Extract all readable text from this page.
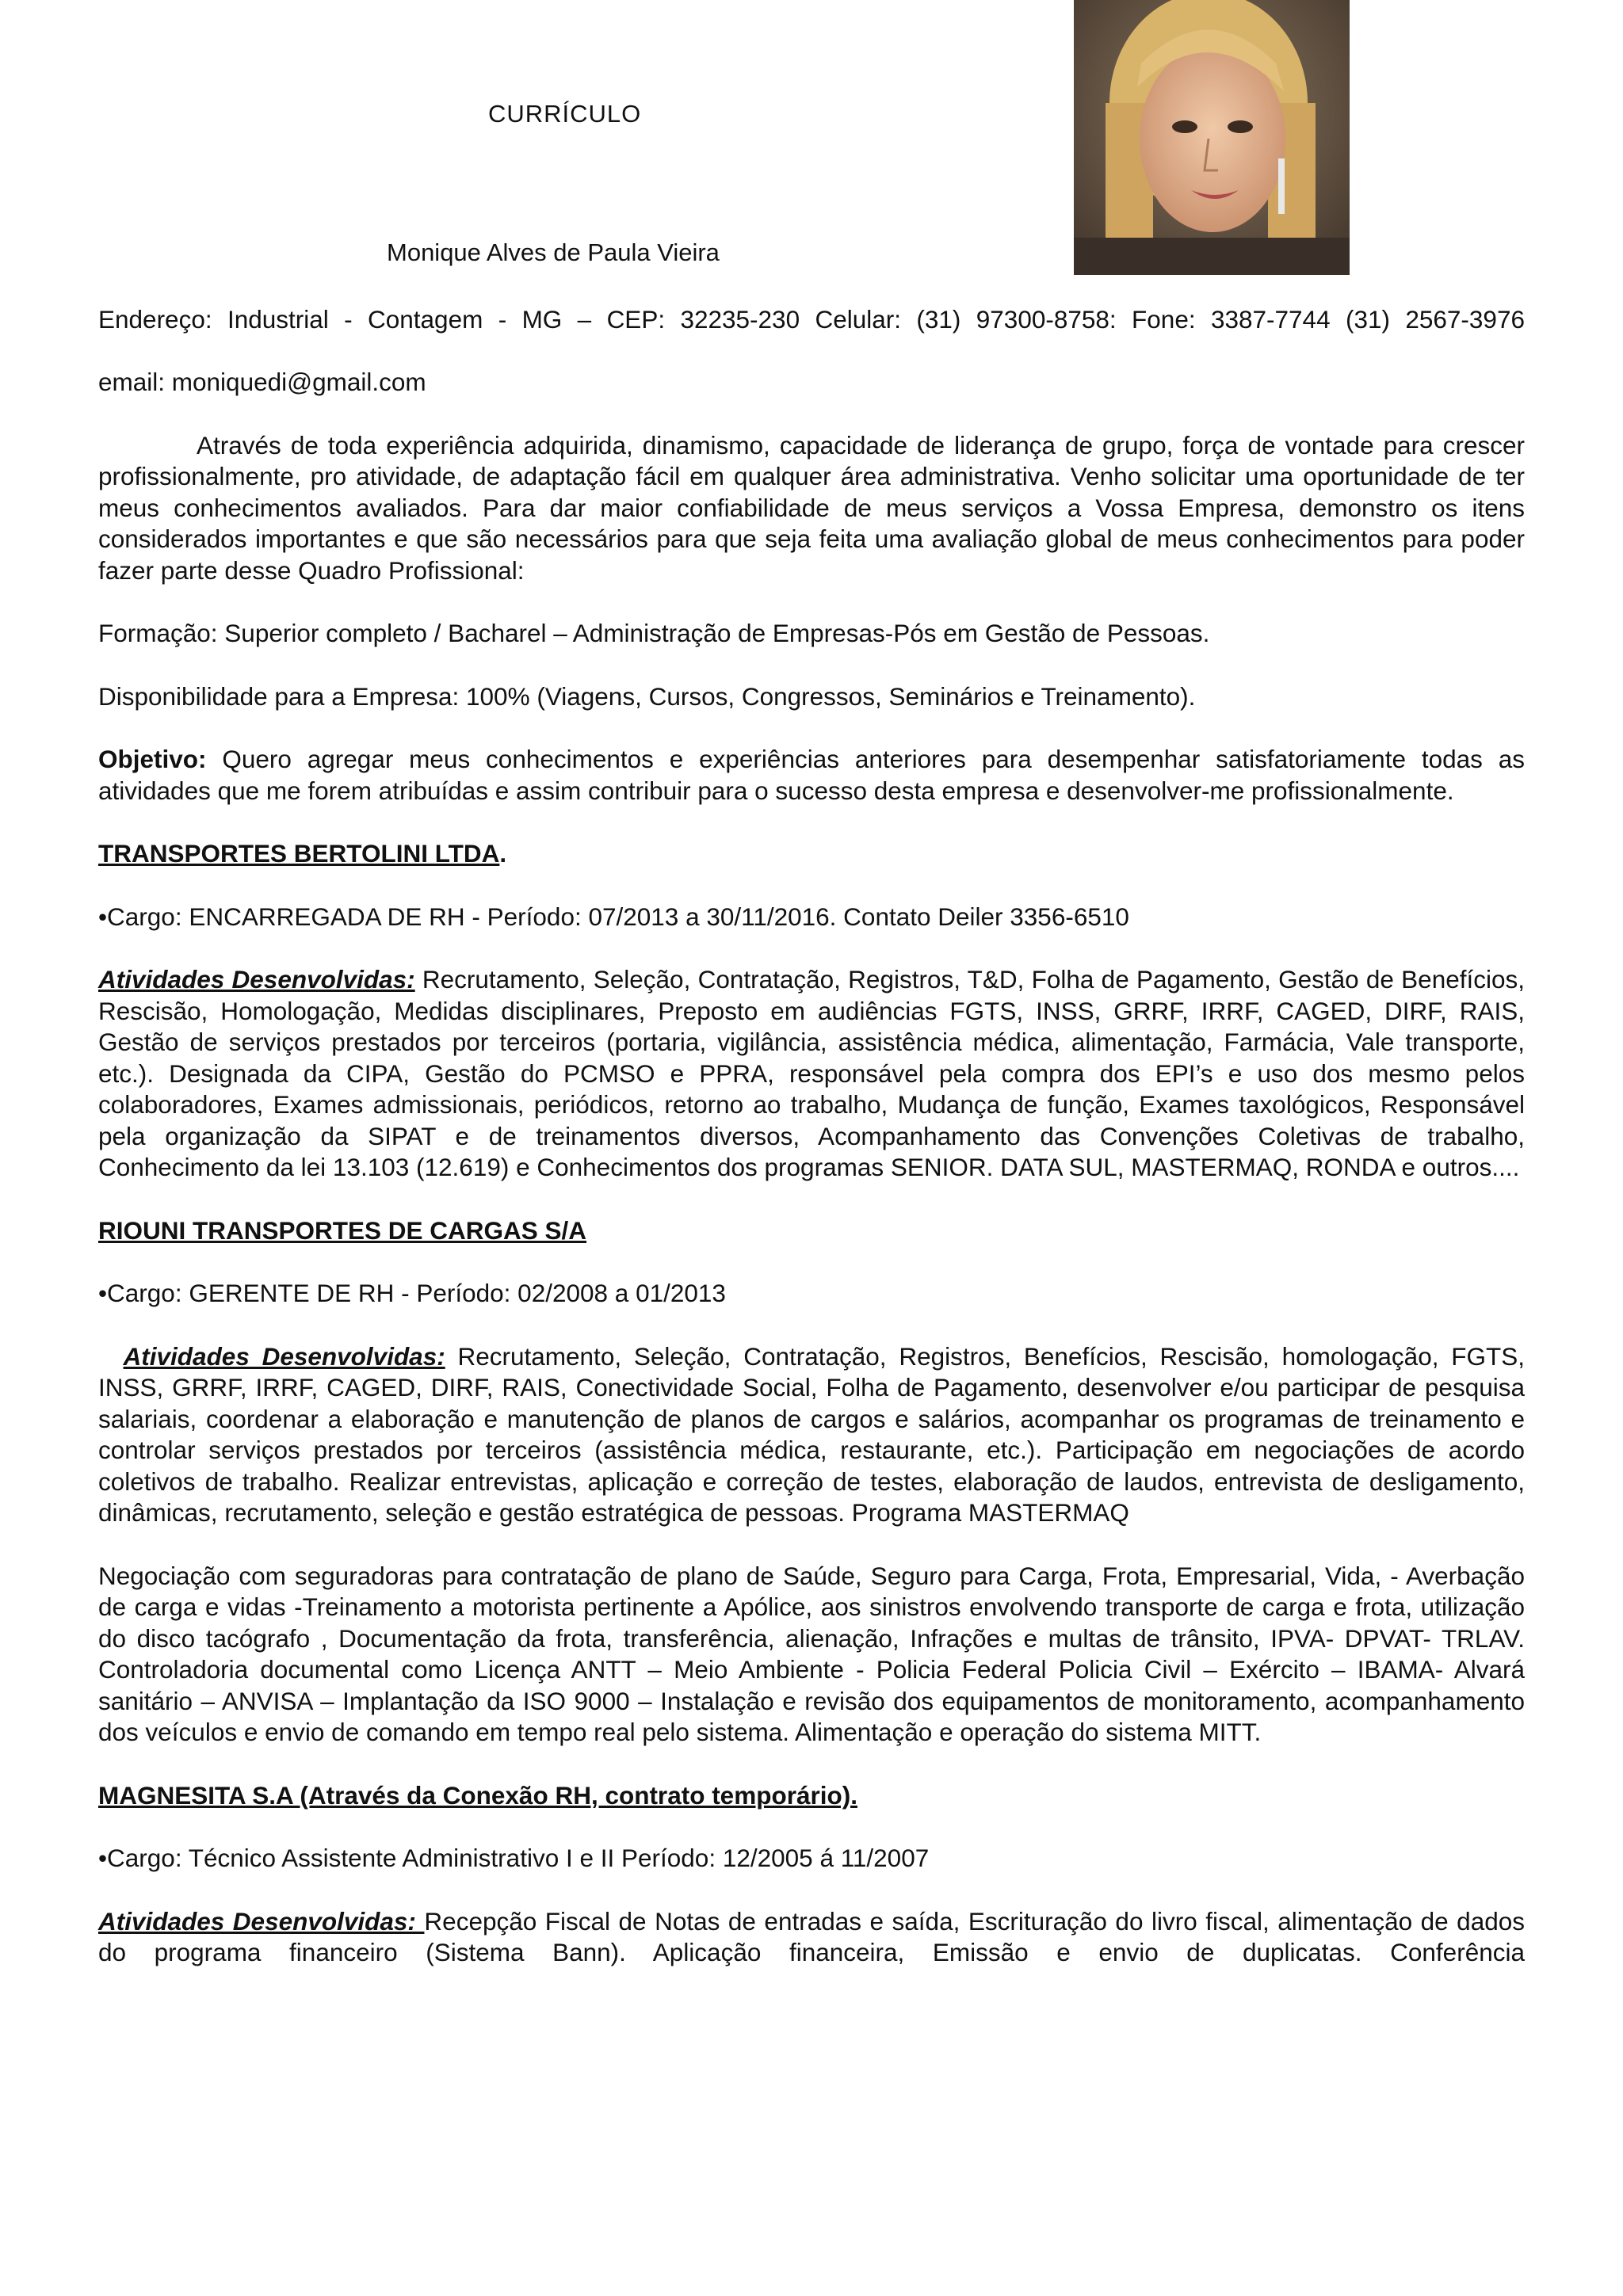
CURRÍCULO
Monique Alves de Paula Vieira

Endereço: Industrial - Contagem - MG – CEP: 32235-230 Celular: (31) 97300-8758: Fone: 3387-7744 (31) 2567-3976

email: moniquedi@gmail.com

Através de toda experiência adquirida, dinamismo, capacidade de liderança de grupo, força de vontade para crescer profissionalmente, pro atividade, de adaptação fácil em qualquer área administrativa. Venho solicitar uma oportunidade de ter meus conhecimentos avaliados. Para dar maior confiabilidade de meus serviços a Vossa Empresa, demonstro os itens considerados importantes e que são necessários para que seja feita uma avaliação global de meus conhecimentos para poder fazer parte desse Quadro Profissional:

Formação: Superior completo / Bacharel – Administração de Empresas-Pós em Gestão de Pessoas.

Disponibilidade para a Empresa: 100% (Viagens, Cursos, Congressos, Seminários e Treinamento).

Objetivo: Quero agregar meus conhecimentos e experiências anteriores para desempenhar satisfatoriamente todas as atividades que me forem atribuídas e assim contribuir para o sucesso desta empresa e desenvolver-me profissionalmente.

TRANSPORTES BERTOLINI LTDA.

•Cargo: ENCARREGADA DE RH - Período: 07/2013 a 30/11/2016. Contato Deiler 3356-6510

Atividades Desenvolvidas: Recrutamento, Seleção, Contratação, Registros, T&D, Folha de Pagamento, Gestão de Benefícios, Rescisão, Homologação, Medidas disciplinares, Preposto em audiências FGTS, INSS, GRRF, IRRF, CAGED, DIRF, RAIS, Gestão de serviços prestados por terceiros (portaria, vigilância, assistência médica, alimentação, Farmácia, Vale transporte, etc.). Designada da CIPA, Gestão do PCMSO e PPRA, responsável pela compra dos EPI’s e uso dos mesmo pelos colaboradores, Exames admissionais, periódicos, retorno ao trabalho, Mudança de função, Exames taxológicos, Responsável pela organização da SIPAT e de treinamentos diversos, Acompanhamento das Convenções Coletivas de trabalho, Conhecimento da lei 13.103 (12.619) e Conhecimentos dos programas SENIOR. DATA SUL, MASTERMAQ, RONDA e outros....

RIOUNI TRANSPORTES DE CARGAS S/A

•Cargo: GERENTE DE RH - Período: 02/2008 a 01/2013

Atividades Desenvolvidas: Recrutamento, Seleção, Contratação, Registros, Benefícios, Rescisão, homologação, FGTS, INSS, GRRF, IRRF, CAGED, DIRF, RAIS, Conectividade Social, Folha de Pagamento, desenvolver e/ou participar de pesquisa salariais, coordenar a elaboração e manutenção de planos de cargos e salários, acompanhar os programas de treinamento e controlar serviços prestados por terceiros (assistência médica, restaurante, etc.). Participação em negociações de acordo coletivos de trabalho. Realizar entrevistas, aplicação e correção de testes, elaboração de laudos, entrevista de desligamento, dinâmicas, recrutamento, seleção e gestão estratégica de pessoas. Programa MASTERMAQ

Negociação com seguradoras para contratação de plano de Saúde, Seguro para Carga, Frota, Empresarial, Vida, - Averbação de carga e vidas -Treinamento a motorista pertinente a Apólice, aos sinistros envolvendo transporte de carga e frota, utilização do disco tacógrafo , Documentação da frota, transferência, alienação, Infrações e multas de trânsito, IPVA- DPVAT- TRLAV. Controladoria documental como Licença ANTT – Meio Ambiente - Policia Federal Policia Civil – Exército – IBAMA- Alvará sanitário – ANVISA – Implantação da ISO 9000 – Instalação e revisão dos equipamentos de monitoramento, acompanhamento dos veículos e envio de comando em tempo real pelo sistema. Alimentação e operação do sistema MITT.

MAGNESITA S.A (Através da Conexão RH, contrato temporário).

•Cargo: Técnico Assistente Administrativo I e II Período: 12/2005 á 11/2007

Atividades Desenvolvidas: Recepção Fiscal de Notas de entradas e saída, Escrituração do livro fiscal, alimentação de dados do programa financeiro (Sistema Bann). Aplicação financeira, Emissão e envio de duplicatas. Conferência
